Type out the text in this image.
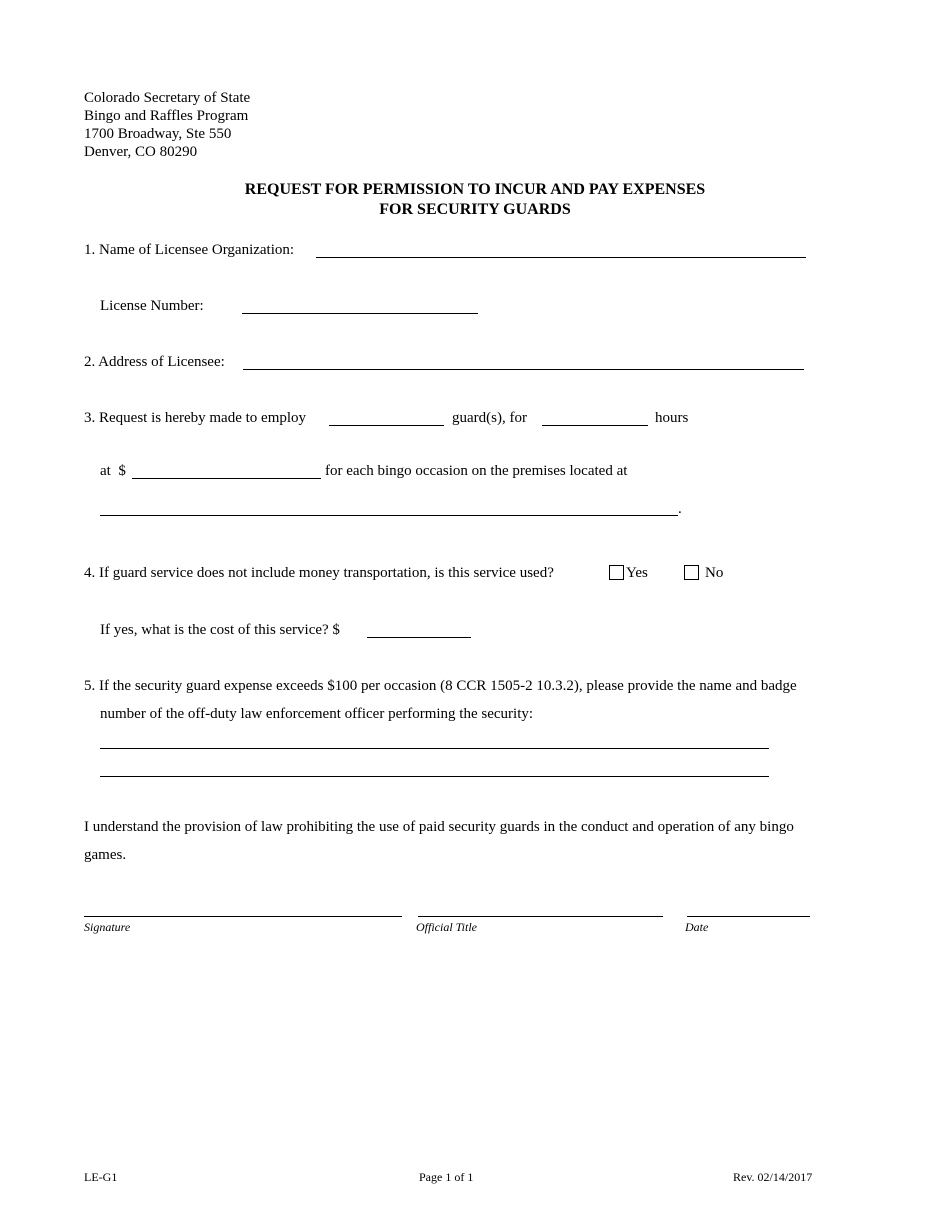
Colorado Secretary of State
Bingo and Raffles Program
1700 Broadway, Ste 550
Denver, CO 80290
REQUEST FOR PERMISSION TO INCUR AND PAY EXPENSES
FOR SECURITY GUARDS
1. Name of Licensee Organization:
License Number:
2. Address of Licensee:
3. Request is hereby made to employ	guard(s), for	hours
at  $	for each bingo occasion on the premises located at
.
4. If guard service does not include money transportation, is this service used?	Yes	No
If yes, what is the cost of this service? $
5. If the security guard expense exceeds $100 per occasion (8 CCR 1505-2 10.3.2), please provide the name and badge
number of the off-duty law enforcement officer performing the security:
I understand the provision of law prohibiting the use of paid security guards in the conduct and operation of any bingo
games.
Signature	Official Title	Date
LE-G1	Page 1 of 1	Rev. 02/14/2017
